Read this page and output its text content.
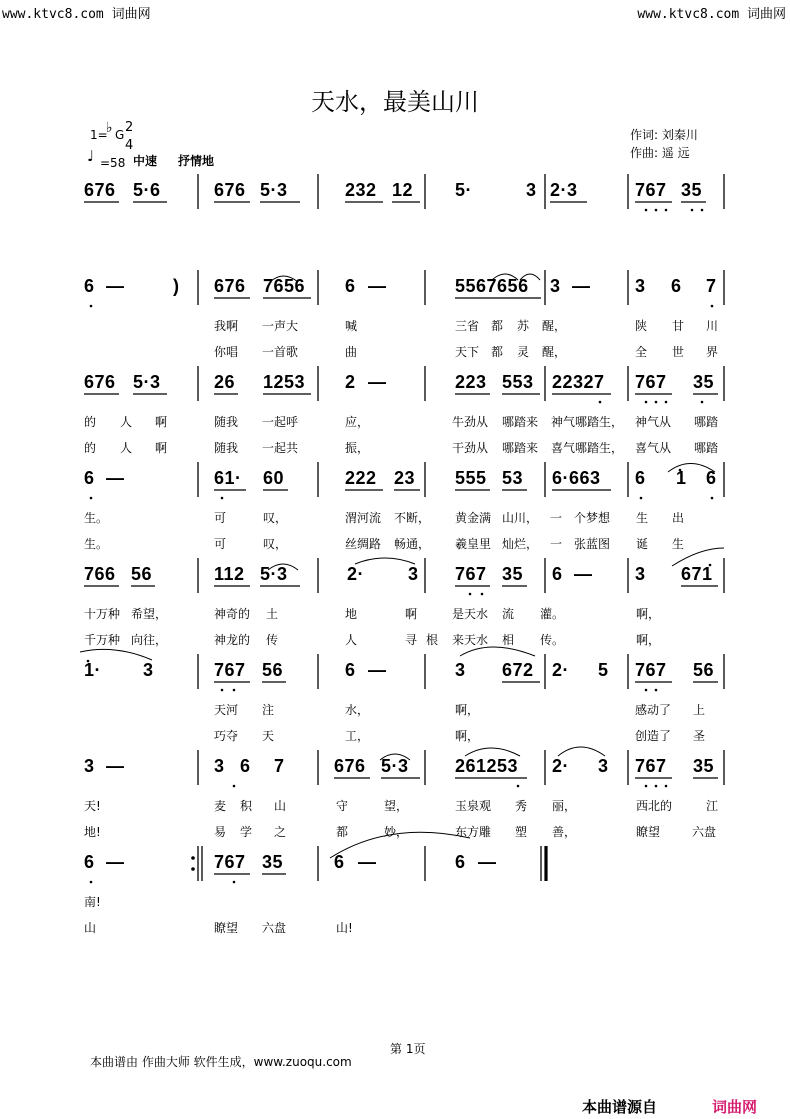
www.ktvc8.com 词曲网	www.ktvc8.com 词曲网
天水，最美山川
1=
♭ G 2
4
♩ =58 中速 抒情地
作词: 刘秦川
作曲: 遥 远
676 5·6	676 5·3	232 12 5·	3 2·3	767 35
6 —	) 676 7656 6 —	5567656 3 — 3 6 7
我啊 一声大	喊	三省 都 苏 醒，	陕 甘 川
你唱 一首歌	曲	天下 都 灵 醒，	全 世 界
676 5·3	26 1253 2 —	223 553 22327 767 35
的 人 啊	随我 一起呼	应，	牛劲从 哪踏来 神气哪踏生， 神气从 哪踏
的 人 啊	随我 一起共	振，	干劲从 哪踏来 喜气哪踏生， 喜气从 哪踏
6 —	61· 60	222 23 555 53 6·663 6 1 6
生。	可	叹，	渭河流 不断， 黄金满 山川， 一 个梦想 生 出
生。	可	叹，	丝绸路 畅通， 羲皇里 灿烂， 一 张蓝图 诞 生
766 56	112 5·3	2· 3 767 35 6 — 3 671
十万种 希望，	神奇的 土	地	啊	是天水 流 灌。	啊，
千万种 向往，	神龙的 传	人	寻 根 来天水 相 传。	啊，
1· 3	767 56	6 —	3 672 2· 5 767 56
天河 注	水，	啊，	感动了 上
巧夺 天	工，	啊，	创造了 圣
3 —	3 6 7	676 5·3	261253 2· 3 767 35
天!	麦 积 山	守	望，	玉泉观 秀 丽，	西北的	江
地!	易 学 之	都	妙，	东方雕 塑 善，	瞭望	六盘
6 —	767 35	6 —	6 —
南!
山	瞭望 六盘	山!
第 1页
本曲谱由 作曲大师 软件生成，www.zuoqu.com
本曲谱源自	词曲网
